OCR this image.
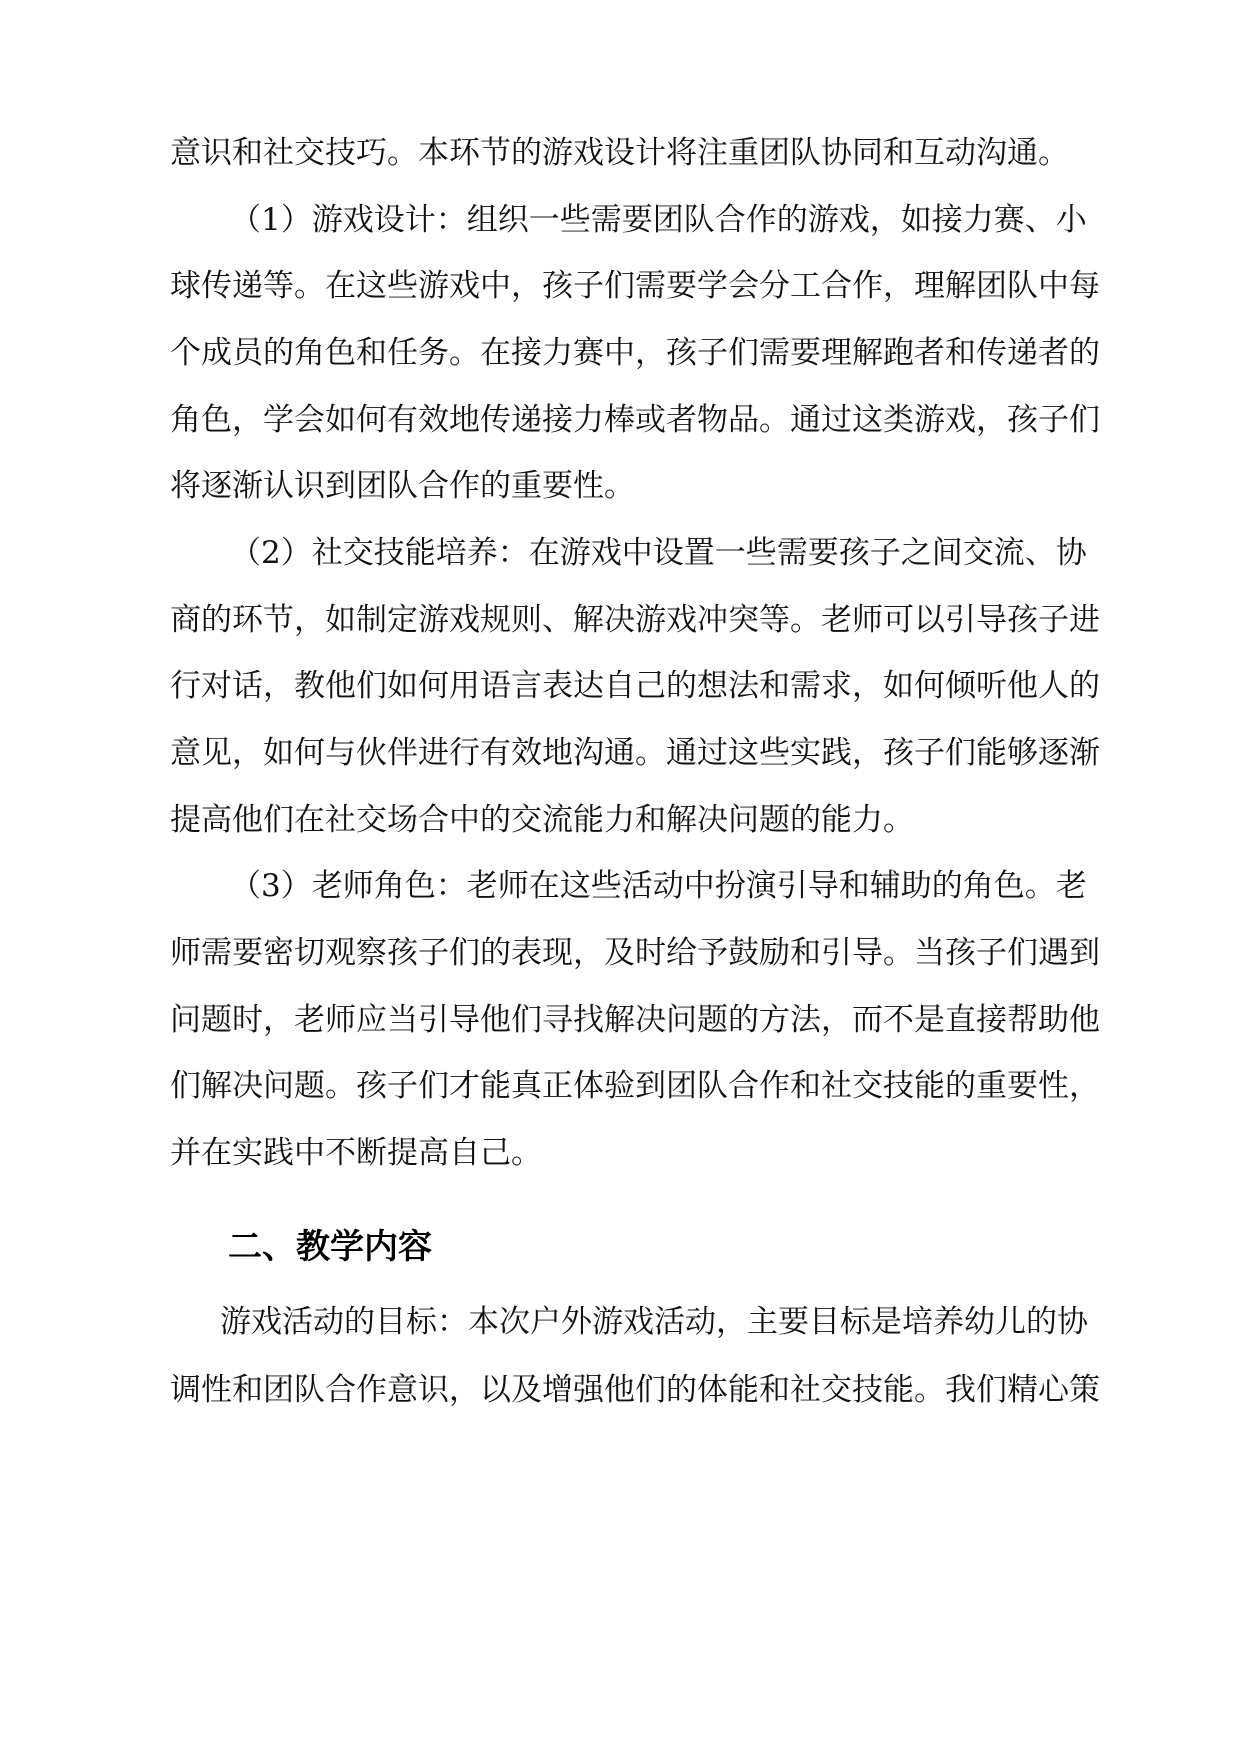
意识和社交技巧。本环节的游戏设计将注重团队协同和互动沟通。
（1）游戏设计：组织一些需要团队合作的游戏，如接力赛、小
球传递等。在这些游戏中，孩子们需要学会分工合作，理解团队中每
个成员的角色和任务。在接力赛中，孩子们需要理解跑者和传递者的
角色，学会如何有效地传递接力棒或者物品。通过这类游戏，孩子们
将逐渐认识到团队合作的重要性。
（2）社交技能培养：在游戏中设置一些需要孩子之间交流、协
商的环节，如制定游戏规则、解决游戏冲突等。老师可以引导孩子进
行对话，教他们如何用语言表达自己的想法和需求，如何倾听他人的
意见，如何与伙伴进行有效地沟通。通过这些实践，孩子们能够逐渐
提高他们在社交场合中的交流能力和解决问题的能力。
（3）老师角色：老师在这些活动中扮演引导和辅助的角色。老
师需要密切观察孩子们的表现，及时给予鼓励和引导。当孩子们遇到
问题时，老师应当引导他们寻找解决问题的方法，而不是直接帮助他
们解决问题。孩子们才能真正体验到团队合作和社交技能的重要性，
并在实践中不断提高自己。
二、教学内容
游戏活动的目标：本次户外游戏活动，主要目标是培养幼儿的协
调性和团队合作意识，以及增强他们的体能和社交技能。我们精心策
